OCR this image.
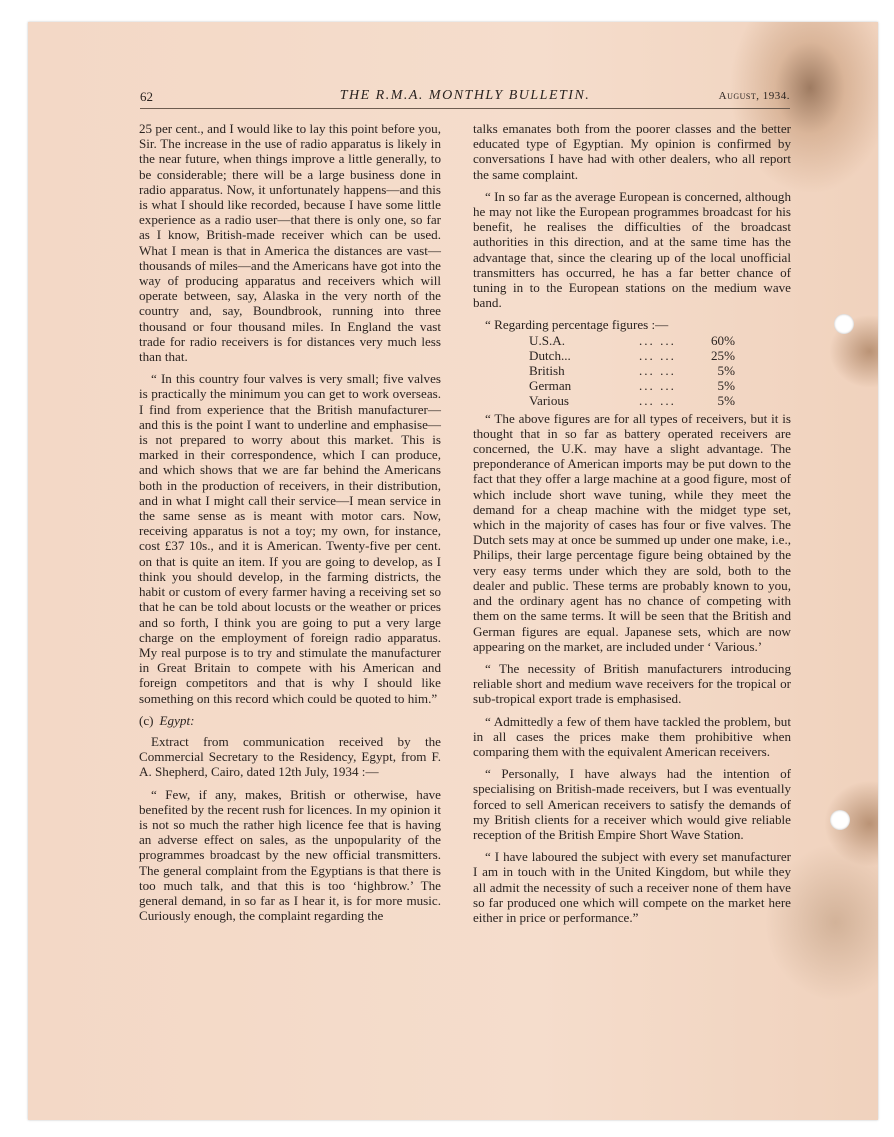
62	THE R.M.A. MONTHLY BULLETIN.	August, 1934.

25 per cent., and I would like to lay this point before you, Sir. The increase in the use of radio apparatus is likely in the near future, when things improve a little generally, to be considerable; there will be a large business done in radio apparatus. Now, it unfortunately happens—and this is what I should like recorded, because I have some little experience as a radio user—that there is only one, so far as I know, British-made receiver which can be used. What I mean is that in America the distances are vast—thousands of miles—and the Americans have got into the way of producing apparatus and receivers which will operate between, say, Alaska in the very north of the country and, say, Boundbrook, running into three thousand or four thousand miles. In England the vast trade for radio receivers is for distances very much less than that.

“ In this country four valves is very small; five valves is practically the minimum you can get to work overseas. I find from experience that the British manufacturer—and this is the point I want to underline and emphasise—is not prepared to worry about this market. This is marked in their correspondence, which I can produce, and which shows that we are far behind the Americans both in the production of receivers, in their distribution, and in what I might call their service—I mean service in the same sense as is meant with motor cars. Now, receiving apparatus is not a toy; my own, for instance, cost £37 10s., and it is American. Twenty-five per cent. on that is quite an item. If you are going to develop, as I think you should develop, in the farming districts, the habit or custom of every farmer having a receiving set so that he can be told about locusts or the weather or prices and so forth, I think you are going to put a very large charge on the employment of foreign radio apparatus. My real purpose is to try and stimulate the manufacturer in Great Britain to compete with his American and foreign competitors and that is why I should like something on this record which could be quoted to him.”

(c) Egypt:

Extract from communication received by the Commercial Secretary to the Residency, Egypt, from F. A. Shepherd, Cairo, dated 12th July, 1934 :—

“ Few, if any, makes, British or otherwise, have benefited by the recent rush for licences. In my opinion it is not so much the rather high licence fee that is having an adverse effect on sales, as the unpopularity of the programmes broadcast by the new official transmitters. The general complaint from the Egyptians is that there is too much talk, and that this is too ‘highbrow.’ The general demand, in so far as I hear it, is for more music. Curiously enough, the complaint regarding the

talks emanates both from the poorer classes and the better educated type of Egyptian. My opinion is confirmed by conversations I have had with other dealers, who all report the same complaint.

“ In so far as the average European is concerned, although he may not like the European programmes broadcast for his benefit, he realises the difficulties of the broadcast authorities in this direction, and at the same time has the advantage that, since the clearing up of the local unofficial transmitters has occurred, he has a far better chance of tuning in to the European stations on the medium wave band.

“ Regarding percentage figures :—

U.S.A.	... ...	60%
Dutch...	... ...	25%
British	... ...	5%
German	... ...	5%
Various	... ...	5%

“ The above figures are for all types of receivers, but it is thought that in so far as battery operated receivers are concerned, the U.K. may have a slight advantage. The preponderance of American imports may be put down to the fact that they offer a large machine at a good figure, most of which include short wave tuning, while they meet the demand for a cheap machine with the midget type set, which in the majority of cases has four or five valves. The Dutch sets may at once be summed up under one make, i.e., Philips, their large percentage figure being obtained by the very easy terms under which they are sold, both to the dealer and public. These terms are probably known to you, and the ordinary agent has no chance of competing with them on the same terms. It will be seen that the British and German figures are equal. Japanese sets, which are now appearing on the market, are included under ‘ Various.’

“ The necessity of British manufacturers introducing reliable short and medium wave receivers for the tropical or sub-tropical export trade is emphasised.

“ Admittedly a few of them have tackled the problem, but in all cases the prices make them prohibitive when comparing them with the equivalent American receivers.

“ Personally, I have always had the intention of specialising on British-made receivers, but I was eventually forced to sell American receivers to satisfy the demands of my British clients for a receiver which would give reliable reception of the British Empire Short Wave Station.

“ I have laboured the subject with every set manufacturer I am in touch with in the United Kingdom, but while they all admit the necessity of such a receiver none of them have so far produced one which will compete on the market here either in price or performance.”
